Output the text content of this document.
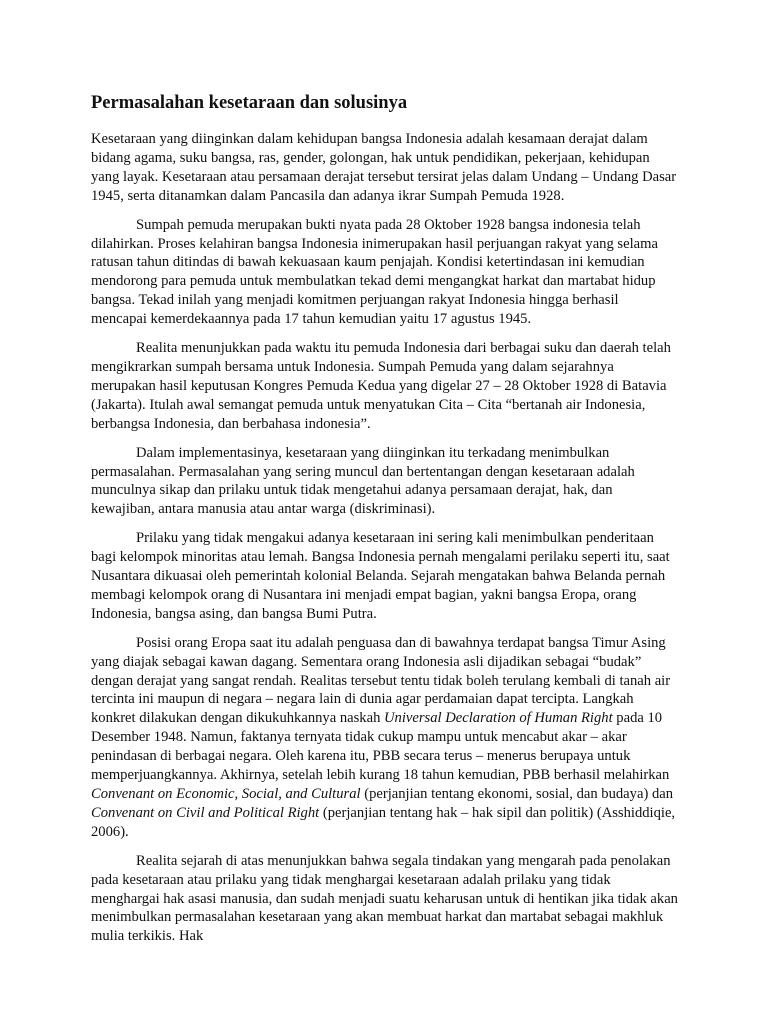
Permasalahan kesetaraan dan solusinya

Kesetaraan yang diinginkan dalam kehidupan bangsa Indonesia adalah kesamaan derajat dalam bidang agama, suku bangsa, ras, gender, golongan, hak untuk pendidikan, pekerjaan, kehidupan yang layak. Kesetaraan atau persamaan derajat tersebut tersirat jelas dalam Undang – Undang Dasar 1945, serta ditanamkan dalam Pancasila dan adanya ikrar Sumpah Pemuda 1928.

Sumpah pemuda merupakan bukti nyata pada 28 Oktober 1928 bangsa indonesia telah dilahirkan. Proses kelahiran bangsa Indonesia inimerupakan hasil perjuangan rakyat yang selama ratusan tahun ditindas di bawah kekuasaan kaum penjajah. Kondisi ketertindasan ini kemudian mendorong para pemuda untuk membulatkan tekad demi mengangkat harkat dan martabat hidup bangsa. Tekad inilah yang menjadi komitmen perjuangan rakyat Indonesia hingga berhasil mencapai kemerdekaannya pada 17 tahun kemudian yaitu 17 agustus 1945.

Realita menunjukkan pada waktu itu pemuda Indonesia dari berbagai suku dan daerah telah mengikrarkan sumpah bersama untuk Indonesia. Sumpah Pemuda yang dalam sejarahnya merupakan hasil keputusan Kongres Pemuda Kedua yang digelar 27 – 28 Oktober 1928 di Batavia (Jakarta). Itulah awal semangat pemuda untuk menyatukan Cita – Cita “bertanah air Indonesia, berbangsa Indonesia, dan berbahasa indonesia”.

Dalam implementasinya, kesetaraan yang diinginkan itu terkadang menimbulkan permasalahan. Permasalahan yang sering muncul dan bertentangan dengan kesetaraan adalah munculnya sikap dan prilaku untuk tidak mengetahui adanya persamaan derajat, hak, dan kewajiban, antara manusia atau antar warga (diskriminasi).

Prilaku yang tidak mengakui adanya kesetaraan ini sering kali menimbulkan penderitaan bagi kelompok minoritas atau lemah. Bangsa Indonesia pernah mengalami perilaku seperti itu, saat Nusantara dikuasai oleh pemerintah kolonial Belanda. Sejarah mengatakan bahwa Belanda pernah membagi kelompok orang di Nusantara ini menjadi empat bagian, yakni bangsa Eropa, orang Indonesia, bangsa asing, dan bangsa Bumi Putra.

Posisi orang Eropa saat itu adalah penguasa dan di bawahnya terdapat bangsa Timur Asing yang diajak sebagai kawan dagang. Sementara orang Indonesia asli dijadikan sebagai “budak” dengan derajat yang sangat rendah. Realitas tersebut tentu tidak boleh terulang kembali di tanah air tercinta ini maupun di negara – negara lain di dunia agar perdamaian dapat tercipta. Langkah konkret dilakukan dengan dikukuhkannya naskah Universal Declaration of Human Right pada 10 Desember 1948. Namun, faktanya ternyata tidak cukup mampu untuk mencabut akar – akar penindasan di berbagai negara. Oleh karena itu, PBB secara terus – menerus berupaya untuk memperjuangkannya. Akhirnya, setelah lebih kurang 18 tahun kemudian, PBB berhasil melahirkan Convenant on Economic, Social, and Cultural (perjanjian tentang ekonomi, sosial, dan budaya) dan Convenant on Civil and Political Right (perjanjian tentang hak – hak sipil dan politik) (Asshiddiqie, 2006).

Realita sejarah di atas menunjukkan bahwa segala tindakan yang mengarah pada penolakan pada kesetaraan atau prilaku yang tidak menghargai kesetaraan adalah prilaku yang tidak menghargai hak asasi manusia, dan sudah menjadi suatu keharusan untuk di hentikan jika tidak akan menimbulkan permasalahan kesetaraan yang akan membuat harkat dan martabat sebagai makhluk mulia terkikis. Hak
